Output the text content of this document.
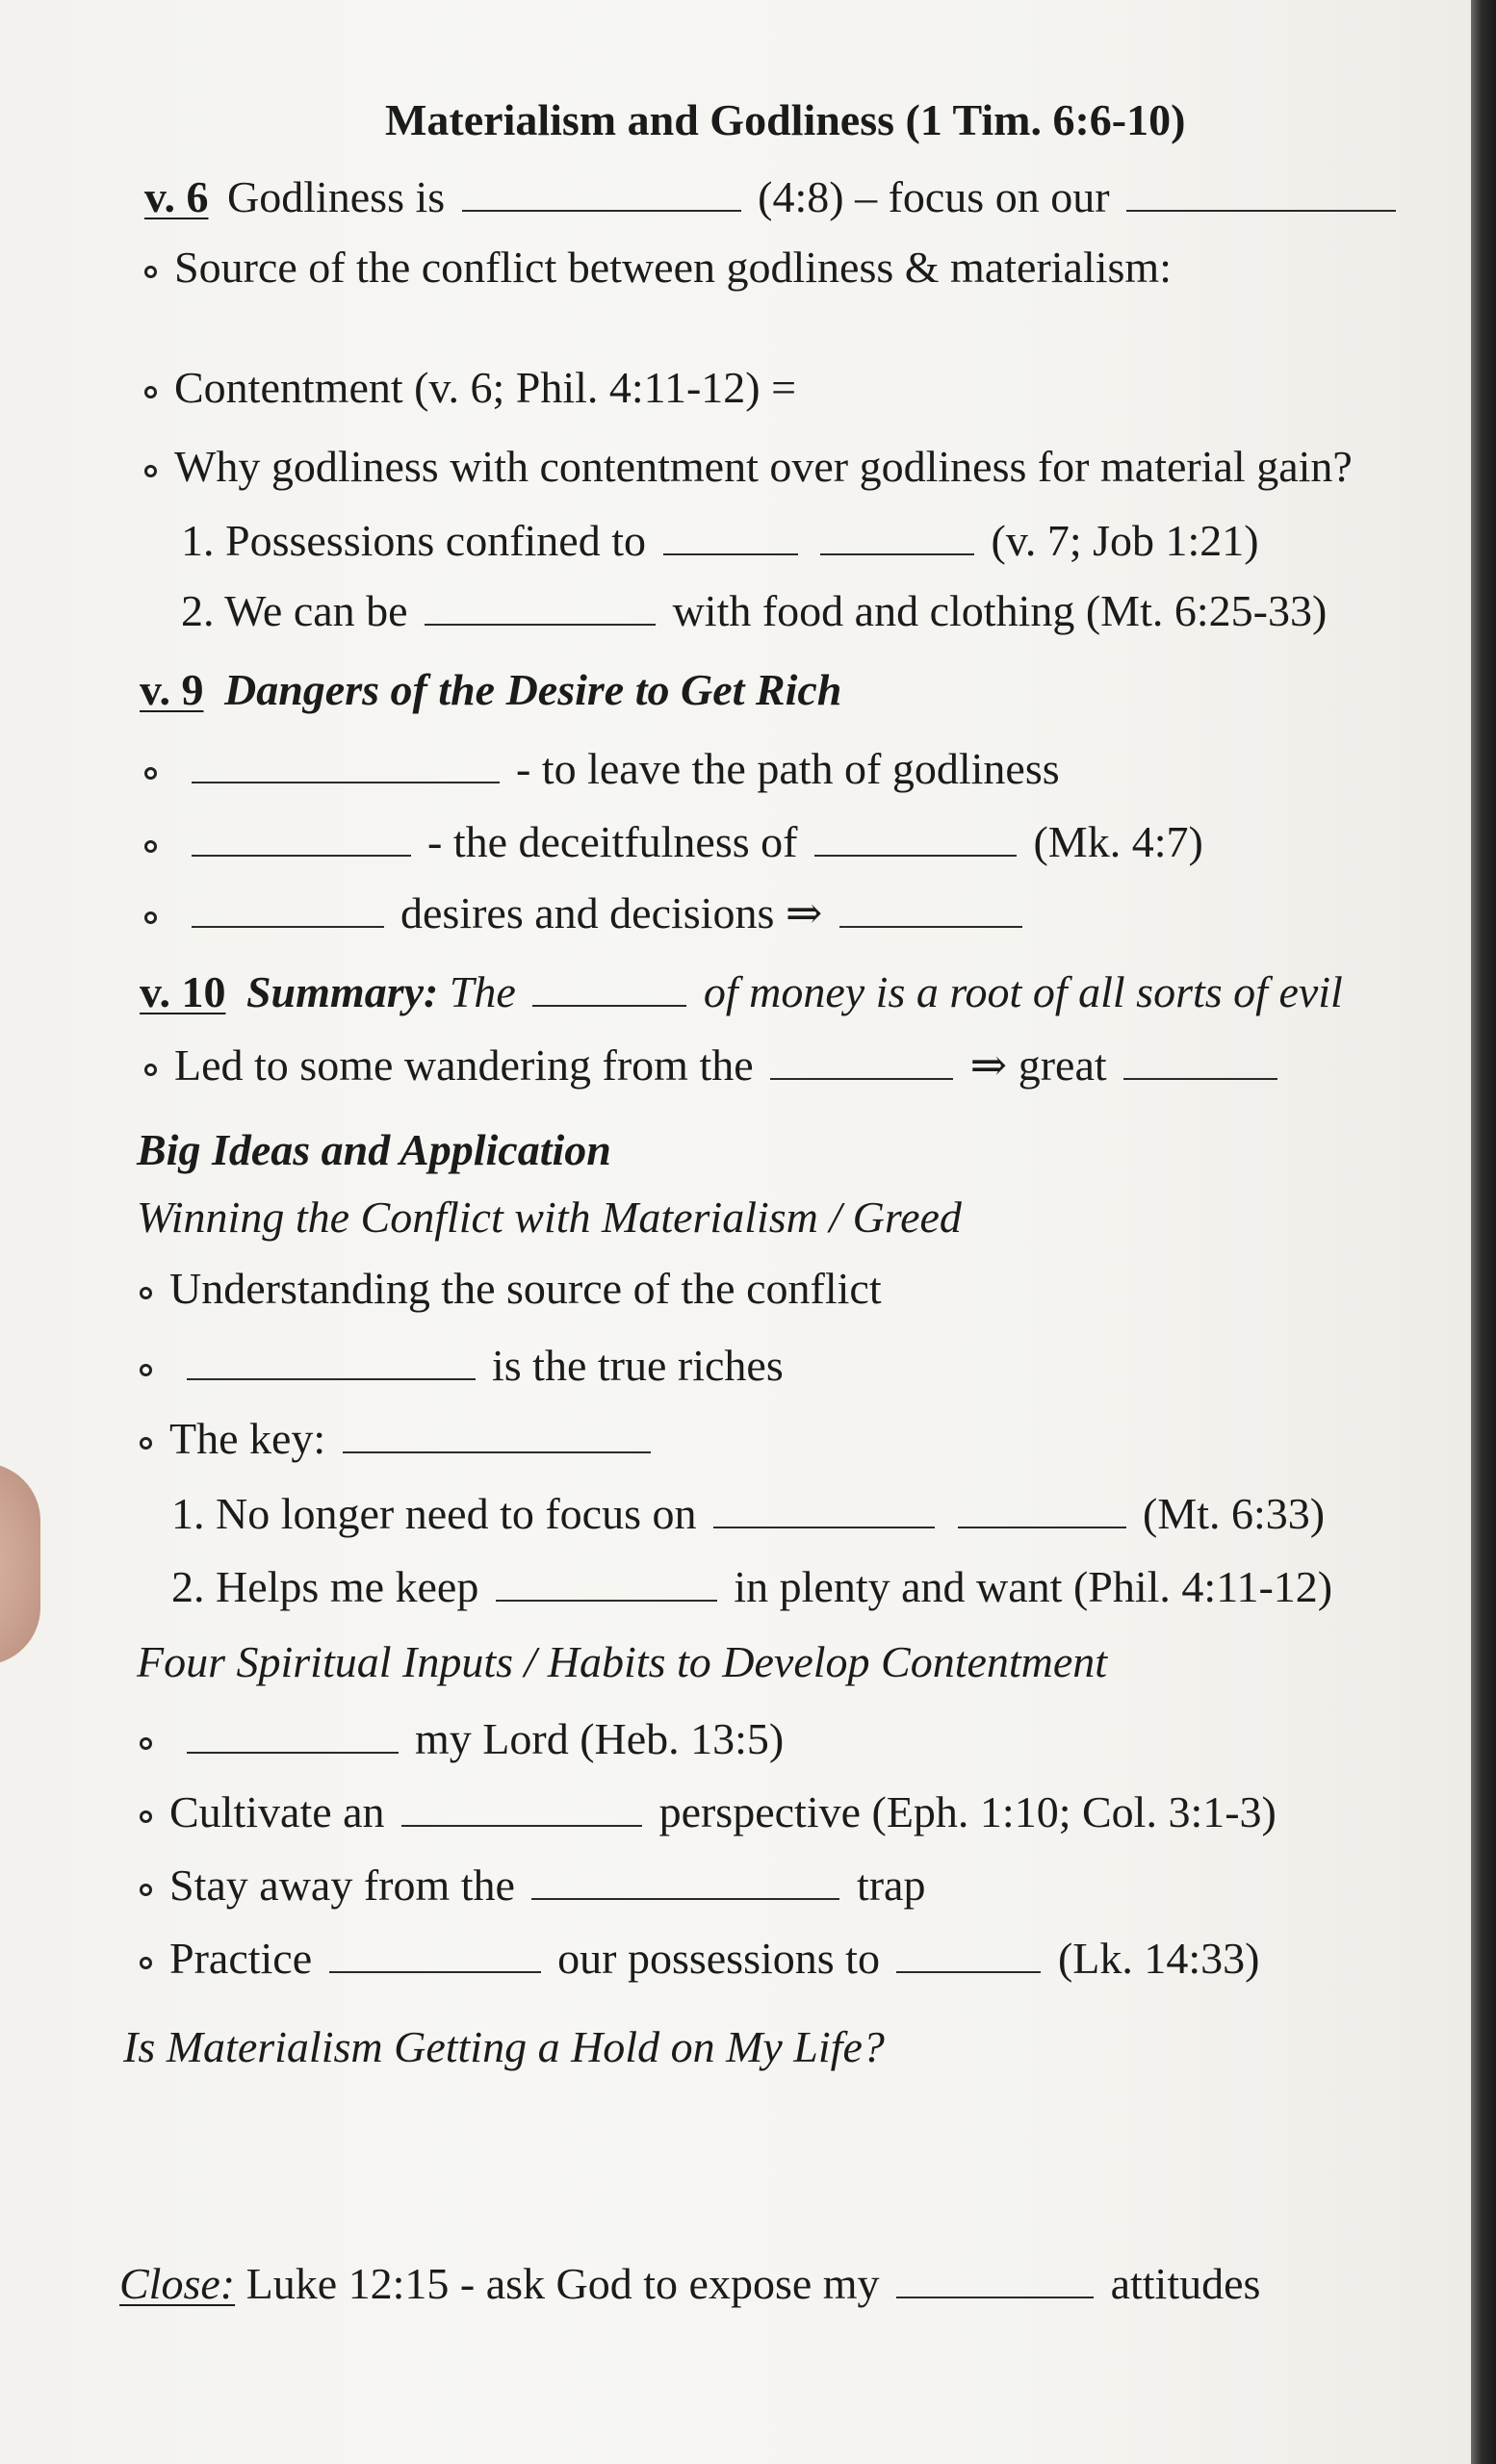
Materialism and Godliness (1 Tim. 6:6-10)
v. 6 Godliness is	(4:8) – focus on our
Source of the conflict between godliness & materialism:
Contentment (v. 6; Phil. 4:11-12) =
Why godliness with contentment over godliness for material gain?
1. Possessions confined to	(v. 7; Job 1:21)
2. We can be	with food and clothing (Mt. 6:25-33)
v. 9 Dangers of the Desire to Get Rich
- to leave the path of godliness
- the deceitfulness of	(Mk. 4:7)
desires and decisions ⇒
v. 10 Summary: The	of money is a root of all sorts of evil
Led to some wandering from the	⇒ great
Big Ideas and Application
Winning the Conflict with Materialism / Greed
Understanding the source of the conflict
is the true riches
The key:
1. No longer need to focus on	(Mt. 6:33)
2. Helps me keep	in plenty and want (Phil. 4:11-12)
Four Spiritual Inputs / Habits to Develop Contentment
my Lord (Heb. 13:5)
Cultivate an	perspective (Eph. 1:10; Col. 3:1-3)
Stay away from the	trap
Practice	our possessions to	(Lk. 14:33)
Is Materialism Getting a Hold on My Life?
Close: Luke 12:15 - ask God to expose my	attitudes
